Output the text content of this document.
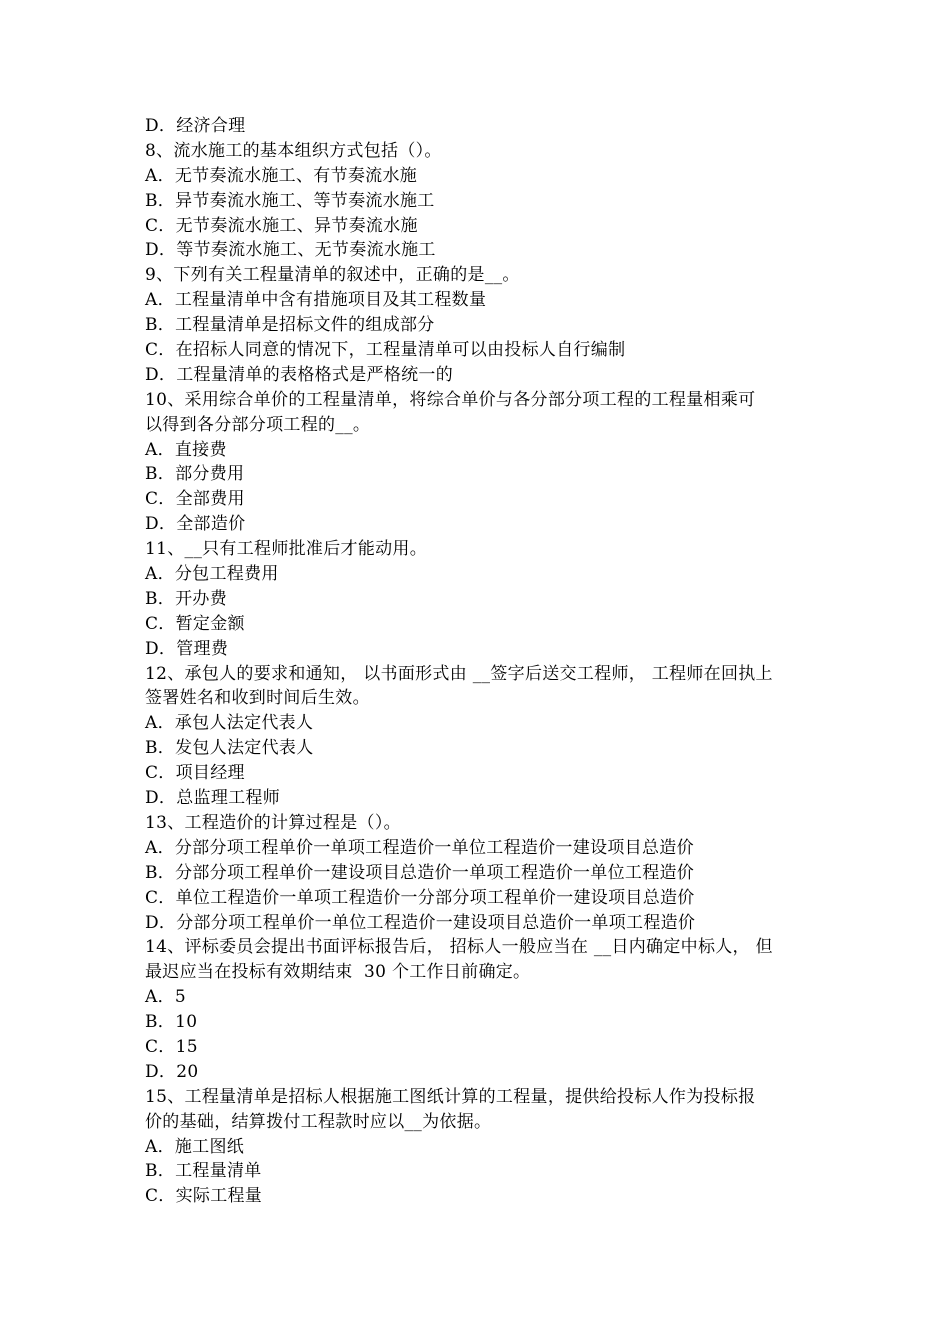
D．经济合理
8、流水施工的基本组织方式包括（）。
A．无节奏流水施工、有节奏流水施
B．异节奏流水施工、等节奏流水施工
C．无节奏流水施工、异节奏流水施
D．等节奏流水施工、无节奏流水施工
9、下列有关工程量清单的叙述中，正确的是__。
A．工程量清单中含有措施项目及其工程数量
B．工程量清单是招标文件的组成部分
C．在招标人同意的情况下，工程量清单可以由投标人自行编制
D．工程量清单的表格格式是严格统一的
10、采用综合单价的工程量清单，将综合单价与各分部分项工程的工程量相乘可
以得到各分部分项工程的__。
A．直接费
B．部分费用
C．全部费用
D．全部造价
11、__只有工程师批准后才能动用。
A．分包工程费用
B．开办费
C．暂定金额
D．管理费
12、承包人的要求和通知， 以书面形式由 __签字后送交工程师， 工程师在回执上
签署姓名和收到时间后生效。
A．承包人法定代表人
B．发包人法定代表人
C．项目经理
D．总监理工程师
13、工程造价的计算过程是（）。
A．分部分项工程单价一单项工程造价一单位工程造价一建设项目总造价
B．分部分项工程单价一建设项目总造价一单项工程造价一单位工程造价
C．单位工程造价一单项工程造价一分部分项工程单价一建设项目总造价
D．分部分项工程单价一单位工程造价一建设项目总造价一单项工程造价
14、评标委员会提出书面评标报告后， 招标人一般应当在 __日内确定中标人， 但
最迟应当在投标有效期结束  30 个工作日前确定。
A．5
B．10
C．15
D．20
15、工程量清单是招标人根据施工图纸计算的工程量，提供给投标人作为投标报
价的基础，结算拨付工程款时应以__为依据。
A．施工图纸
B．工程量清单
C．实际工程量
